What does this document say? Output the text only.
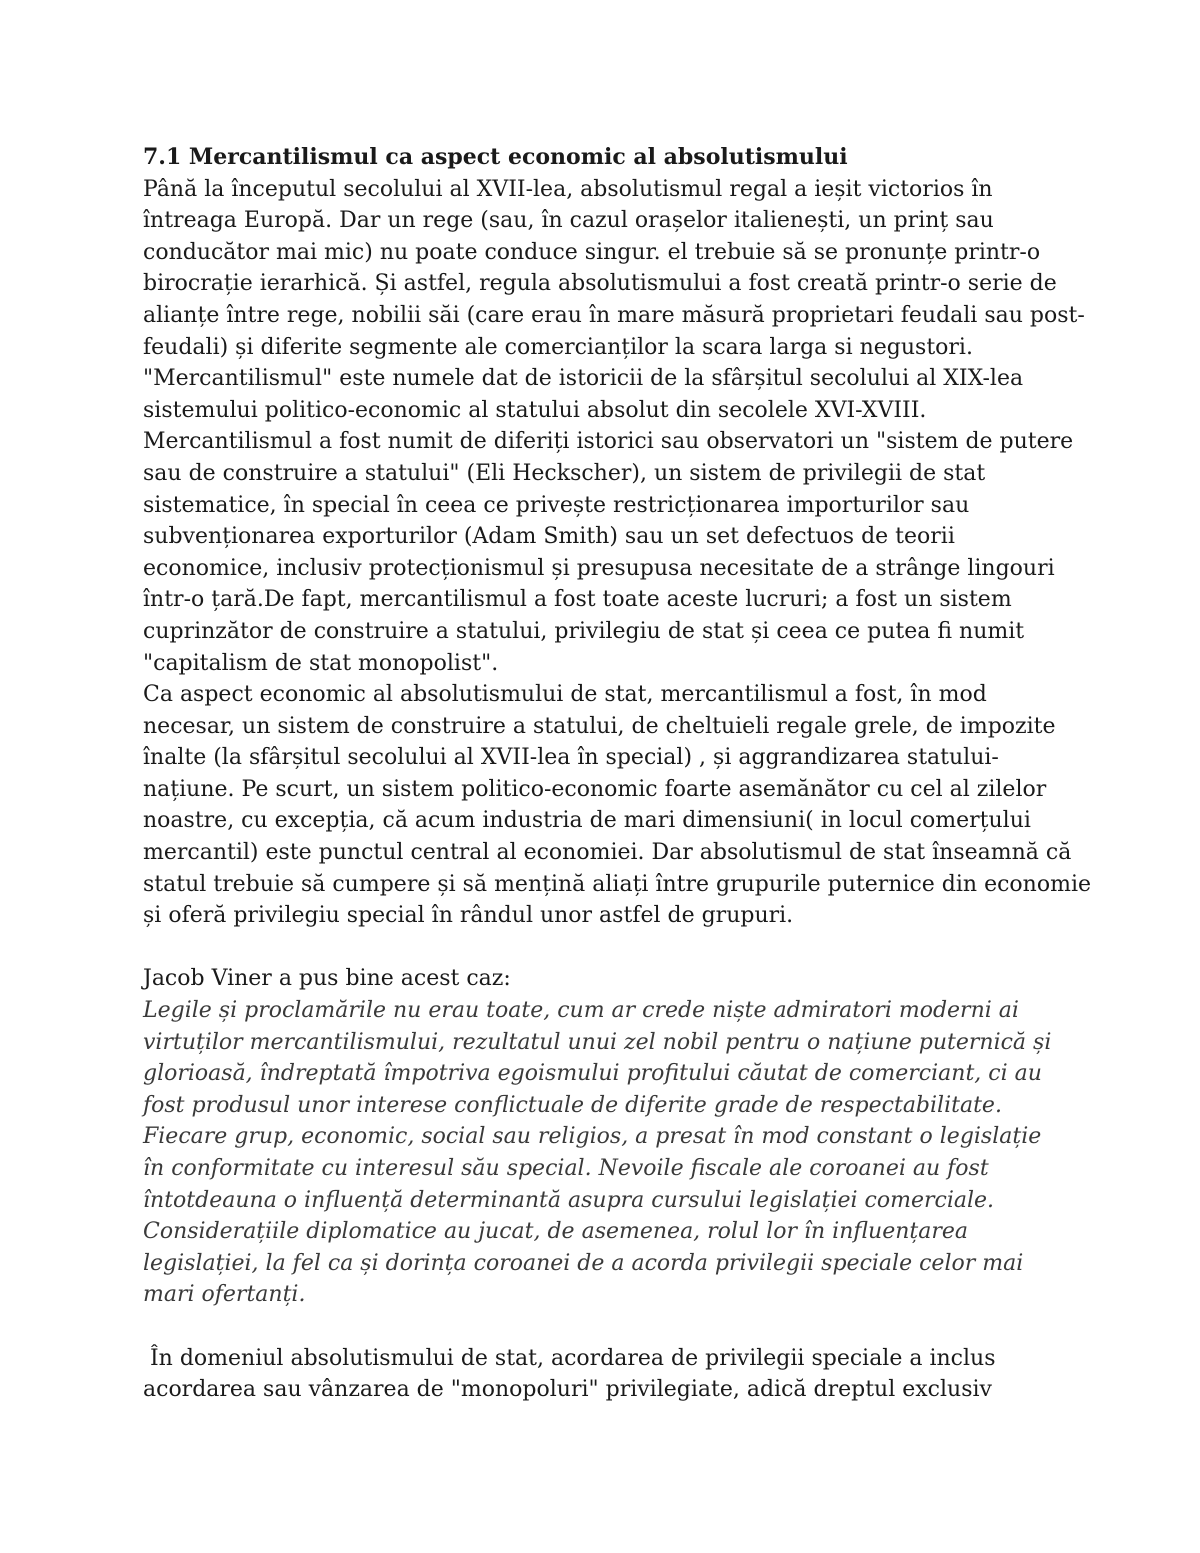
7.1 Mercantilismul ca aspect economic al absolutismului
Până la începutul secolului al XVII-lea, absolutismul regal a ieșit victorios în
întreaga Europă. Dar un rege (sau, în cazul orașelor italienești, un prinț sau
conducător mai mic) nu poate conduce singur. el trebuie să se pronunțe printr-o
birocrație ierarhică. Și astfel, regula absolutismului a fost creată printr-o serie de
alianțe între rege, nobilii săi (care erau în mare măsură proprietari feudali sau post-
feudali) și diferite segmente ale comercianților la scara larga si negustori.
"Mercantilismul" este numele dat de istoricii de la sfârșitul secolului al XIX-lea
sistemului politico-economic al statului absolut din secolele XVI-XVIII.
Mercantilismul a fost numit de diferiți istorici sau observatori un "sistem de putere
sau de construire a statului" (Eli Heckscher), un sistem de privilegii de stat
sistematice, în special în ceea ce privește restricționarea importurilor sau
subvenționarea exporturilor (Adam Smith) sau un set defectuos de teorii
economice, inclusiv protecționismul și presupusa necesitate de a strânge lingouri
într-o țară.De fapt, mercantilismul a fost toate aceste lucruri; a fost un sistem
cuprinzător de construire a statului, privilegiu de stat și ceea ce putea fi numit
"capitalism de stat monopolist".
Ca aspect economic al absolutismului de stat, mercantilismul a fost, în mod
necesar, un sistem de construire a statului, de cheltuieli regale grele, de impozite
înalte (la sfârșitul secolului al XVII-lea în special) , și aggrandizarea statului-
națiune. Pe scurt, un sistem politico-economic foarte asemănător cu cel al zilelor
noastre, cu excepția, că acum industria de mari dimensiuni( in locul comerțului
mercantil) este punctul central al economiei. Dar absolutismul de stat înseamnă că
statul trebuie să cumpere și să mențină aliați între grupurile puternice din economie
și oferă privilegiu special în rândul unor astfel de grupuri.
Jacob Viner a pus bine acest caz:
Legile și proclamările nu erau toate, cum ar crede niște admiratori moderni ai
virtuților mercantilismului, rezultatul unui zel nobil pentru o națiune puternică și
glorioasă, îndreptată împotriva egoismului profitului căutat de comerciant, ci au
fost produsul unor interese conflictuale de diferite grade de respectabilitate.
Fiecare grup, economic, social sau religios, a presat în mod constant o legislație
în conformitate cu interesul său special. Nevoile fiscale ale coroanei au fost
întotdeauna o influență determinantă asupra cursului legislației comerciale.
Considerațiile diplomatice au jucat, de asemenea, rolul lor în influențarea
legislației, la fel ca și dorința coroanei de a acorda privilegii speciale celor mai
mari ofertanți.
În domeniul absolutismului de stat, acordarea de privilegii speciale a inclus
acordarea sau vânzarea de "monopoluri" privilegiate, adică dreptul exclusiv
